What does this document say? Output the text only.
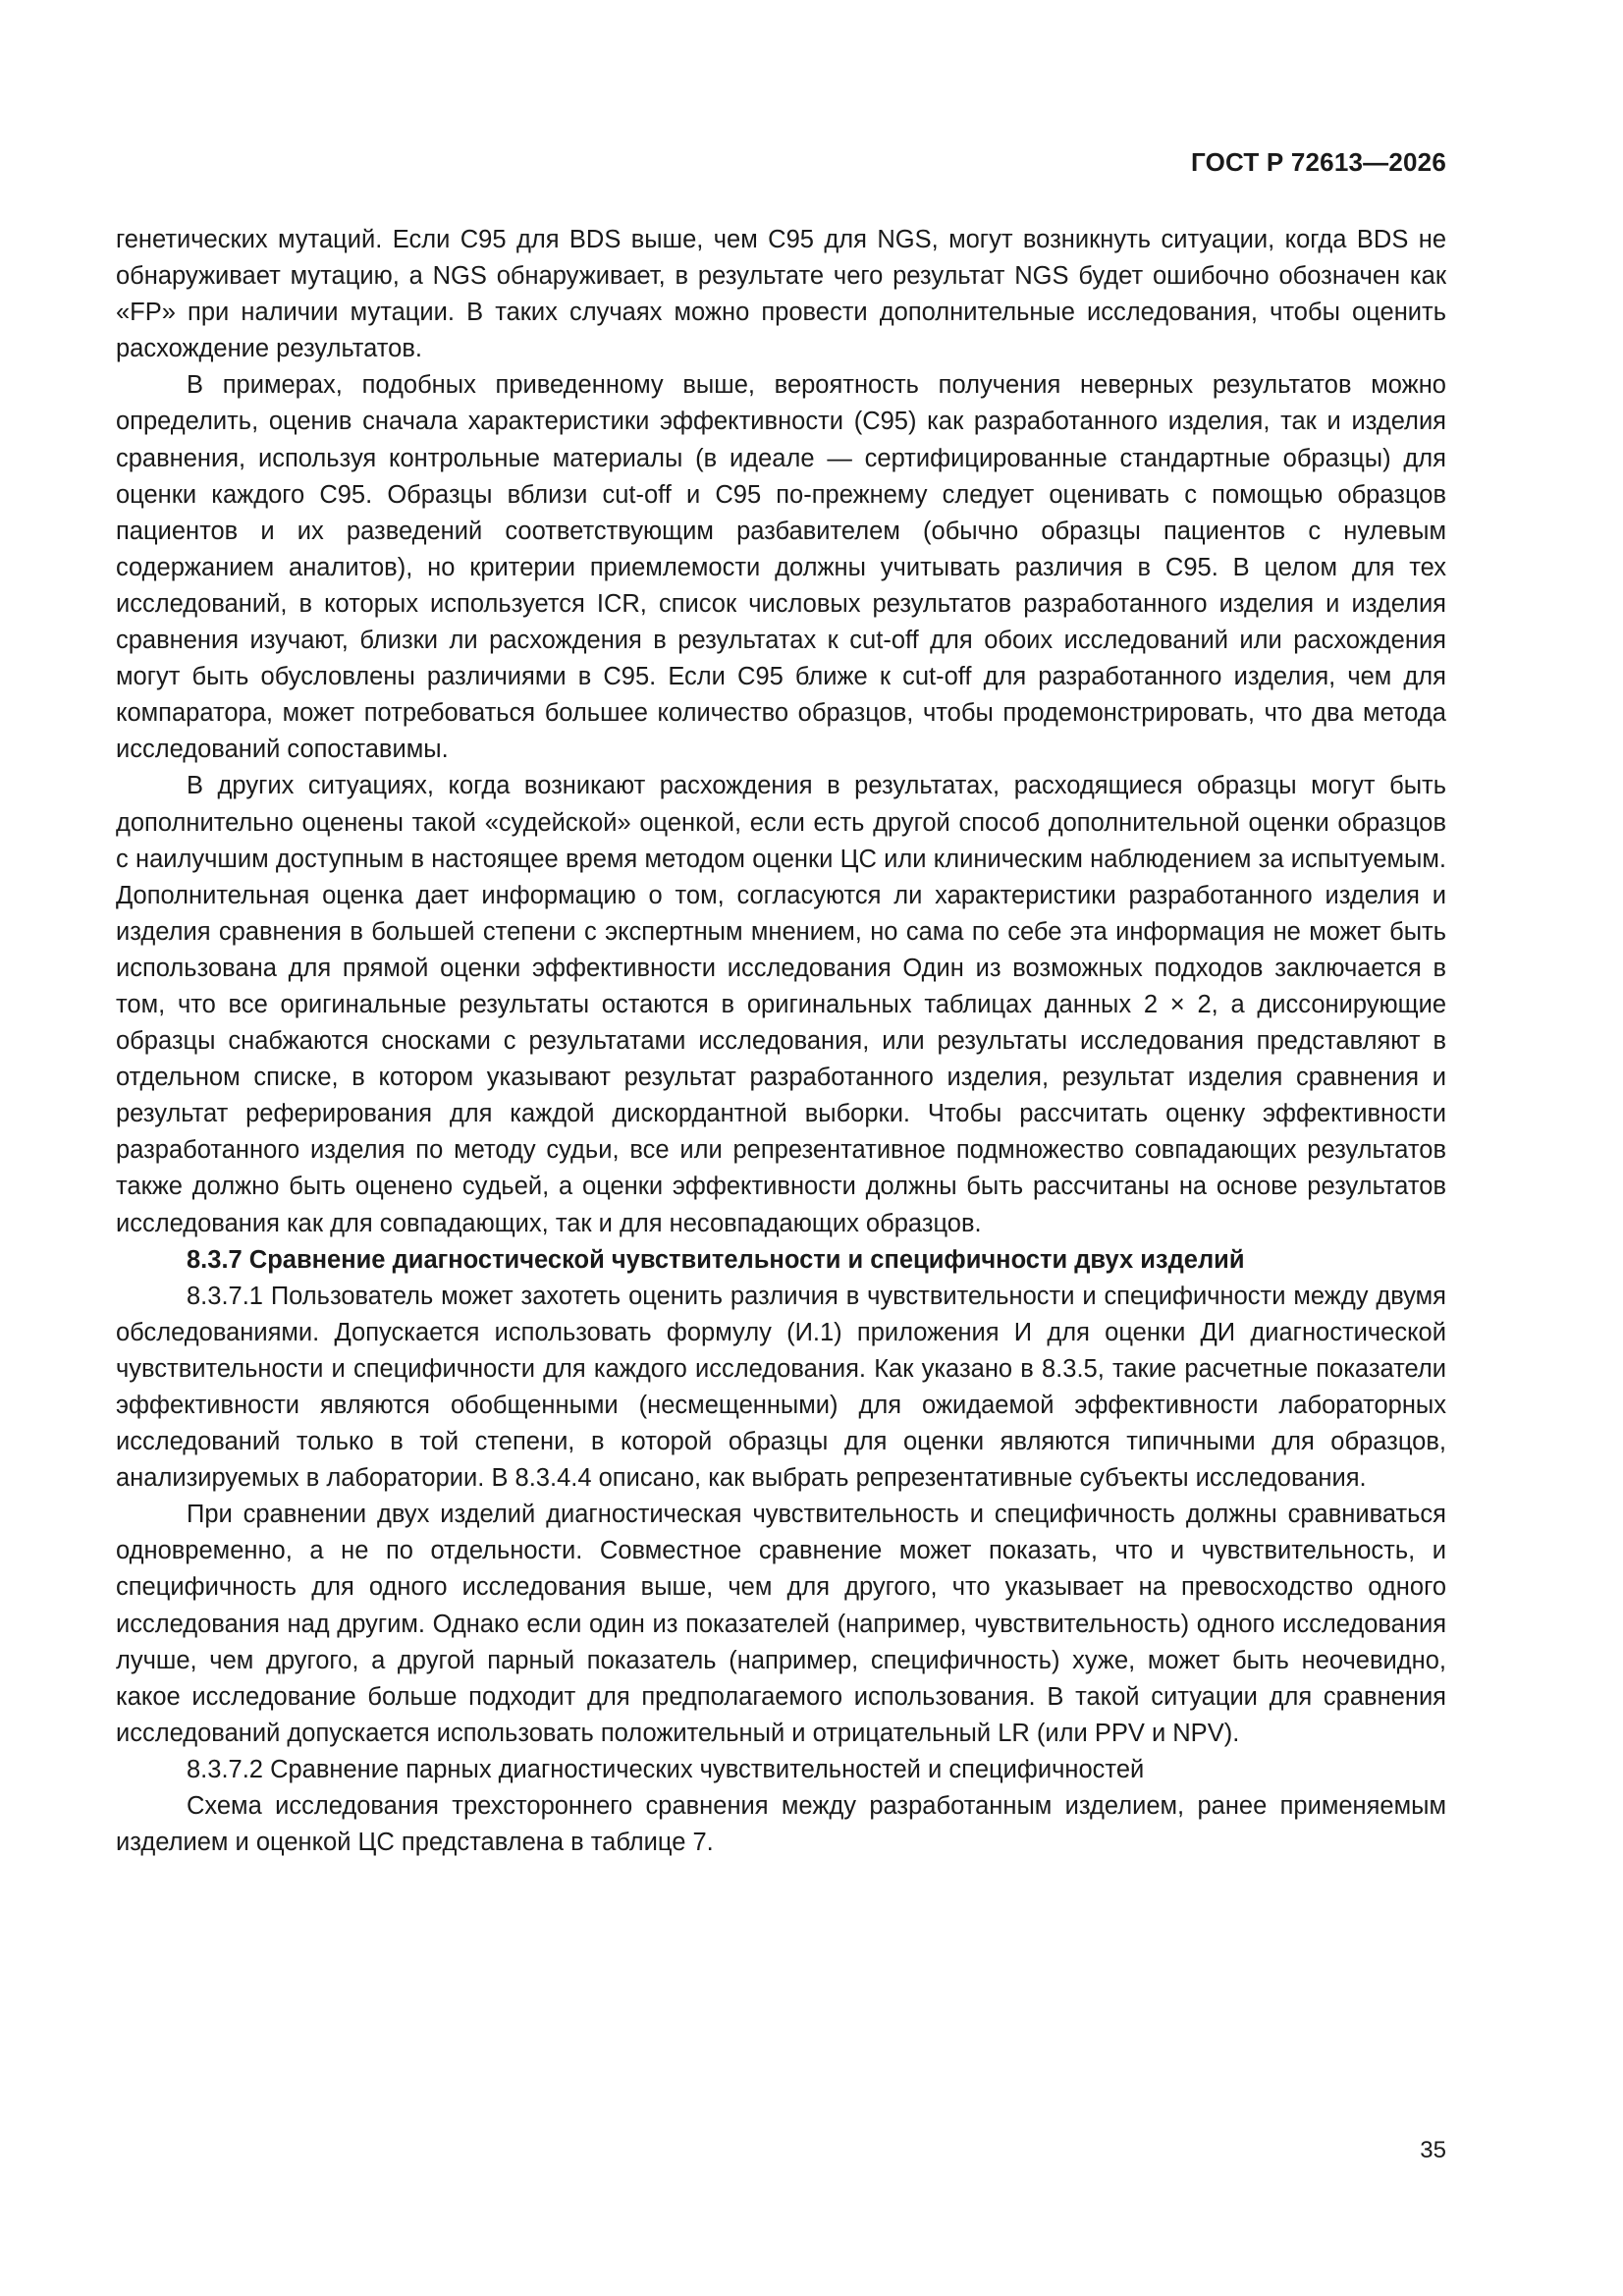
ГОСТ Р 72613—2026

генетических мутаций. Если C95 для BDS выше, чем C95 для NGS, могут возникнуть ситуации, когда BDS не обнаруживает мутацию, а NGS обнаруживает, в результате чего результат NGS будет ошибочно обозначен как «FP» при наличии мутации. В таких случаях можно провести дополнительные исследования, чтобы оценить расхождение результатов.

В примерах, подобных приведенному выше, вероятность получения неверных результатов можно определить, оценив сначала характеристики эффективности (C95) как разработанного изделия, так и изделия сравнения, используя контрольные материалы (в идеале — сертифицированные стандартные образцы) для оценки каждого C95. Образцы вблизи cut-off и C95 по-прежнему следует оценивать с помощью образцов пациентов и их разведений соответствующим разбавителем (обычно образцы пациентов с нулевым содержанием аналитов), но критерии приемлемости должны учитывать различия в C95. В целом для тех исследований, в которых используется ICR, список числовых результатов разработанного изделия и изделия сравнения изучают, близки ли расхождения в результатах к cut-off для обоих исследований или расхождения могут быть обусловлены различиями в C95. Если C95 ближе к cut-off для разработанного изделия, чем для компаратора, может потребоваться большее количество образцов, чтобы продемонстрировать, что два метода исследований сопоставимы.

В других ситуациях, когда возникают расхождения в результатах, расходящиеся образцы могут быть дополнительно оценены такой «судейской» оценкой, если есть другой способ дополнительной оценки образцов с наилучшим доступным в настоящее время методом оценки ЦС или клиническим наблюдением за испытуемым. Дополнительная оценка дает информацию о том, согласуются ли характеристики разработанного изделия и изделия сравнения в большей степени с экспертным мнением, но сама по себе эта информация не может быть использована для прямой оценки эффективности исследования Один из возможных подходов заключается в том, что все оригинальные результаты остаются в оригинальных таблицах данных 2 × 2, а диссонирующие образцы снабжаются сносками с результатами исследования, или результаты исследования представляют в отдельном списке, в котором указывают результат разработанного изделия, результат изделия сравнения и результат реферирования для каждой дискордантной выборки. Чтобы рассчитать оценку эффективности разработанного изделия по методу судьи, все или репрезентативное подмножество совпадающих результатов также должно быть оценено судьей, а оценки эффективности должны быть рассчитаны на основе результатов исследования как для совпадающих, так и для несовпадающих образцов.

8.3.7 Сравнение диагностической чувствительности и специфичности двух изделий

8.3.7.1 Пользователь может захотеть оценить различия в чувствительности и специфичности между двумя обследованиями. Допускается использовать формулу (И.1) приложения И для оценки ДИ диагностической чувствительности и специфичности для каждого исследования. Как указано в 8.3.5, такие расчетные показатели эффективности являются обобщенными (несмещенными) для ожидаемой эффективности лабораторных исследований только в той степени, в которой образцы для оценки являются типичными для образцов, анализируемых в лаборатории. В 8.3.4.4 описано, как выбрать репрезентативные субъекты исследования.

При сравнении двух изделий диагностическая чувствительность и специфичность должны сравниваться одновременно, а не по отдельности. Совместное сравнение может показать, что и чувствительность, и специфичность для одного исследования выше, чем для другого, что указывает на превосходство одного исследования над другим. Однако если один из показателей (например, чувствительность) одного исследования лучше, чем другого, а другой парный показатель (например, специфичность) хуже, может быть неочевидно, какое исследование больше подходит для предполагаемого использования. В такой ситуации для сравнения исследований допускается использовать положительный и отрицательный LR (или PPV и NPV).

8.3.7.2 Сравнение парных диагностических чувствительностей и специфичностей

Схема исследования трехстороннего сравнения между разработанным изделием, ранее применяемым изделием и оценкой ЦС представлена в таблице 7.

35
